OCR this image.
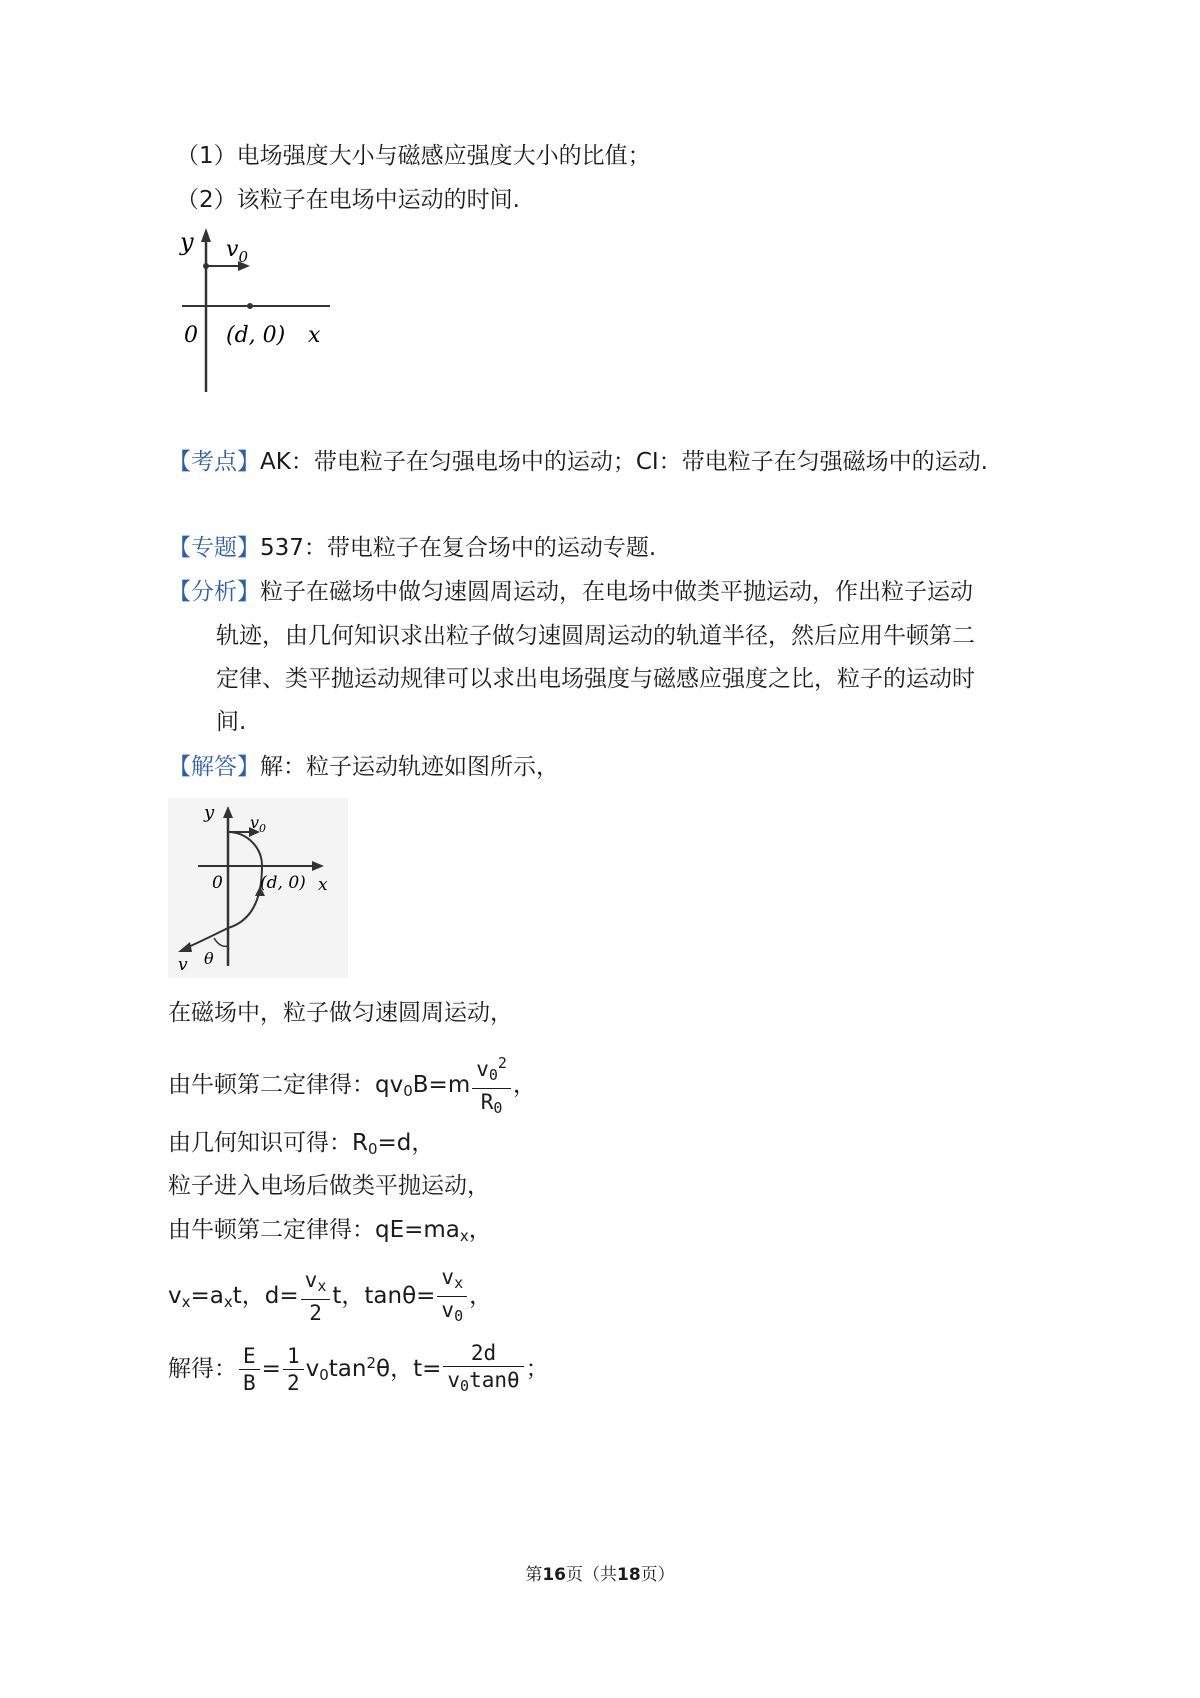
（1）电场强度大小与磁感应强度大小的比值；
（2）该粒子在电场中运动的时间.
y $v_0$
0 (d, 0) x
【考点】AK：带电粒子在匀强电场中的运动；CI：带电粒子在匀强磁场中的运动.
【专题】537：带电粒子在复合场中的运动专题.
【分析】粒子在磁场中做匀速圆周运动，在电场中做类平抛运动，作出粒子运动
轨迹，由几何知识求出粒子做匀速圆周运动的轨道半径，然后应用牛顿第二
定律、类平抛运动规律可以求出电场强度与磁感应强度之比，粒子的运动时
间.
【解答】解：粒子运动轨迹如图所示，
y $v_0$
0 (d, 0) x
v θ
在磁场中，粒子做匀速圆周运动，
由牛顿第二定律得：$qv_0B=m \frac{v_0^2}{R_0}$ ，
由几何知识可得：$R_0=d$，
粒子进入电场后做类平抛运动，
由牛顿第二定律得：$qE=ma_x$，
$v_x=a_xt$，$d= \frac{v_x}{2}$ t，$\tan\theta= \frac{v_x}{v_0}$ ，
解得： $\frac{E}{B} = \frac{1}{2} v_0\tan^2\theta$，$t= \frac{2d}{v_0\tan\theta}$ ；
第16页（共18页）
